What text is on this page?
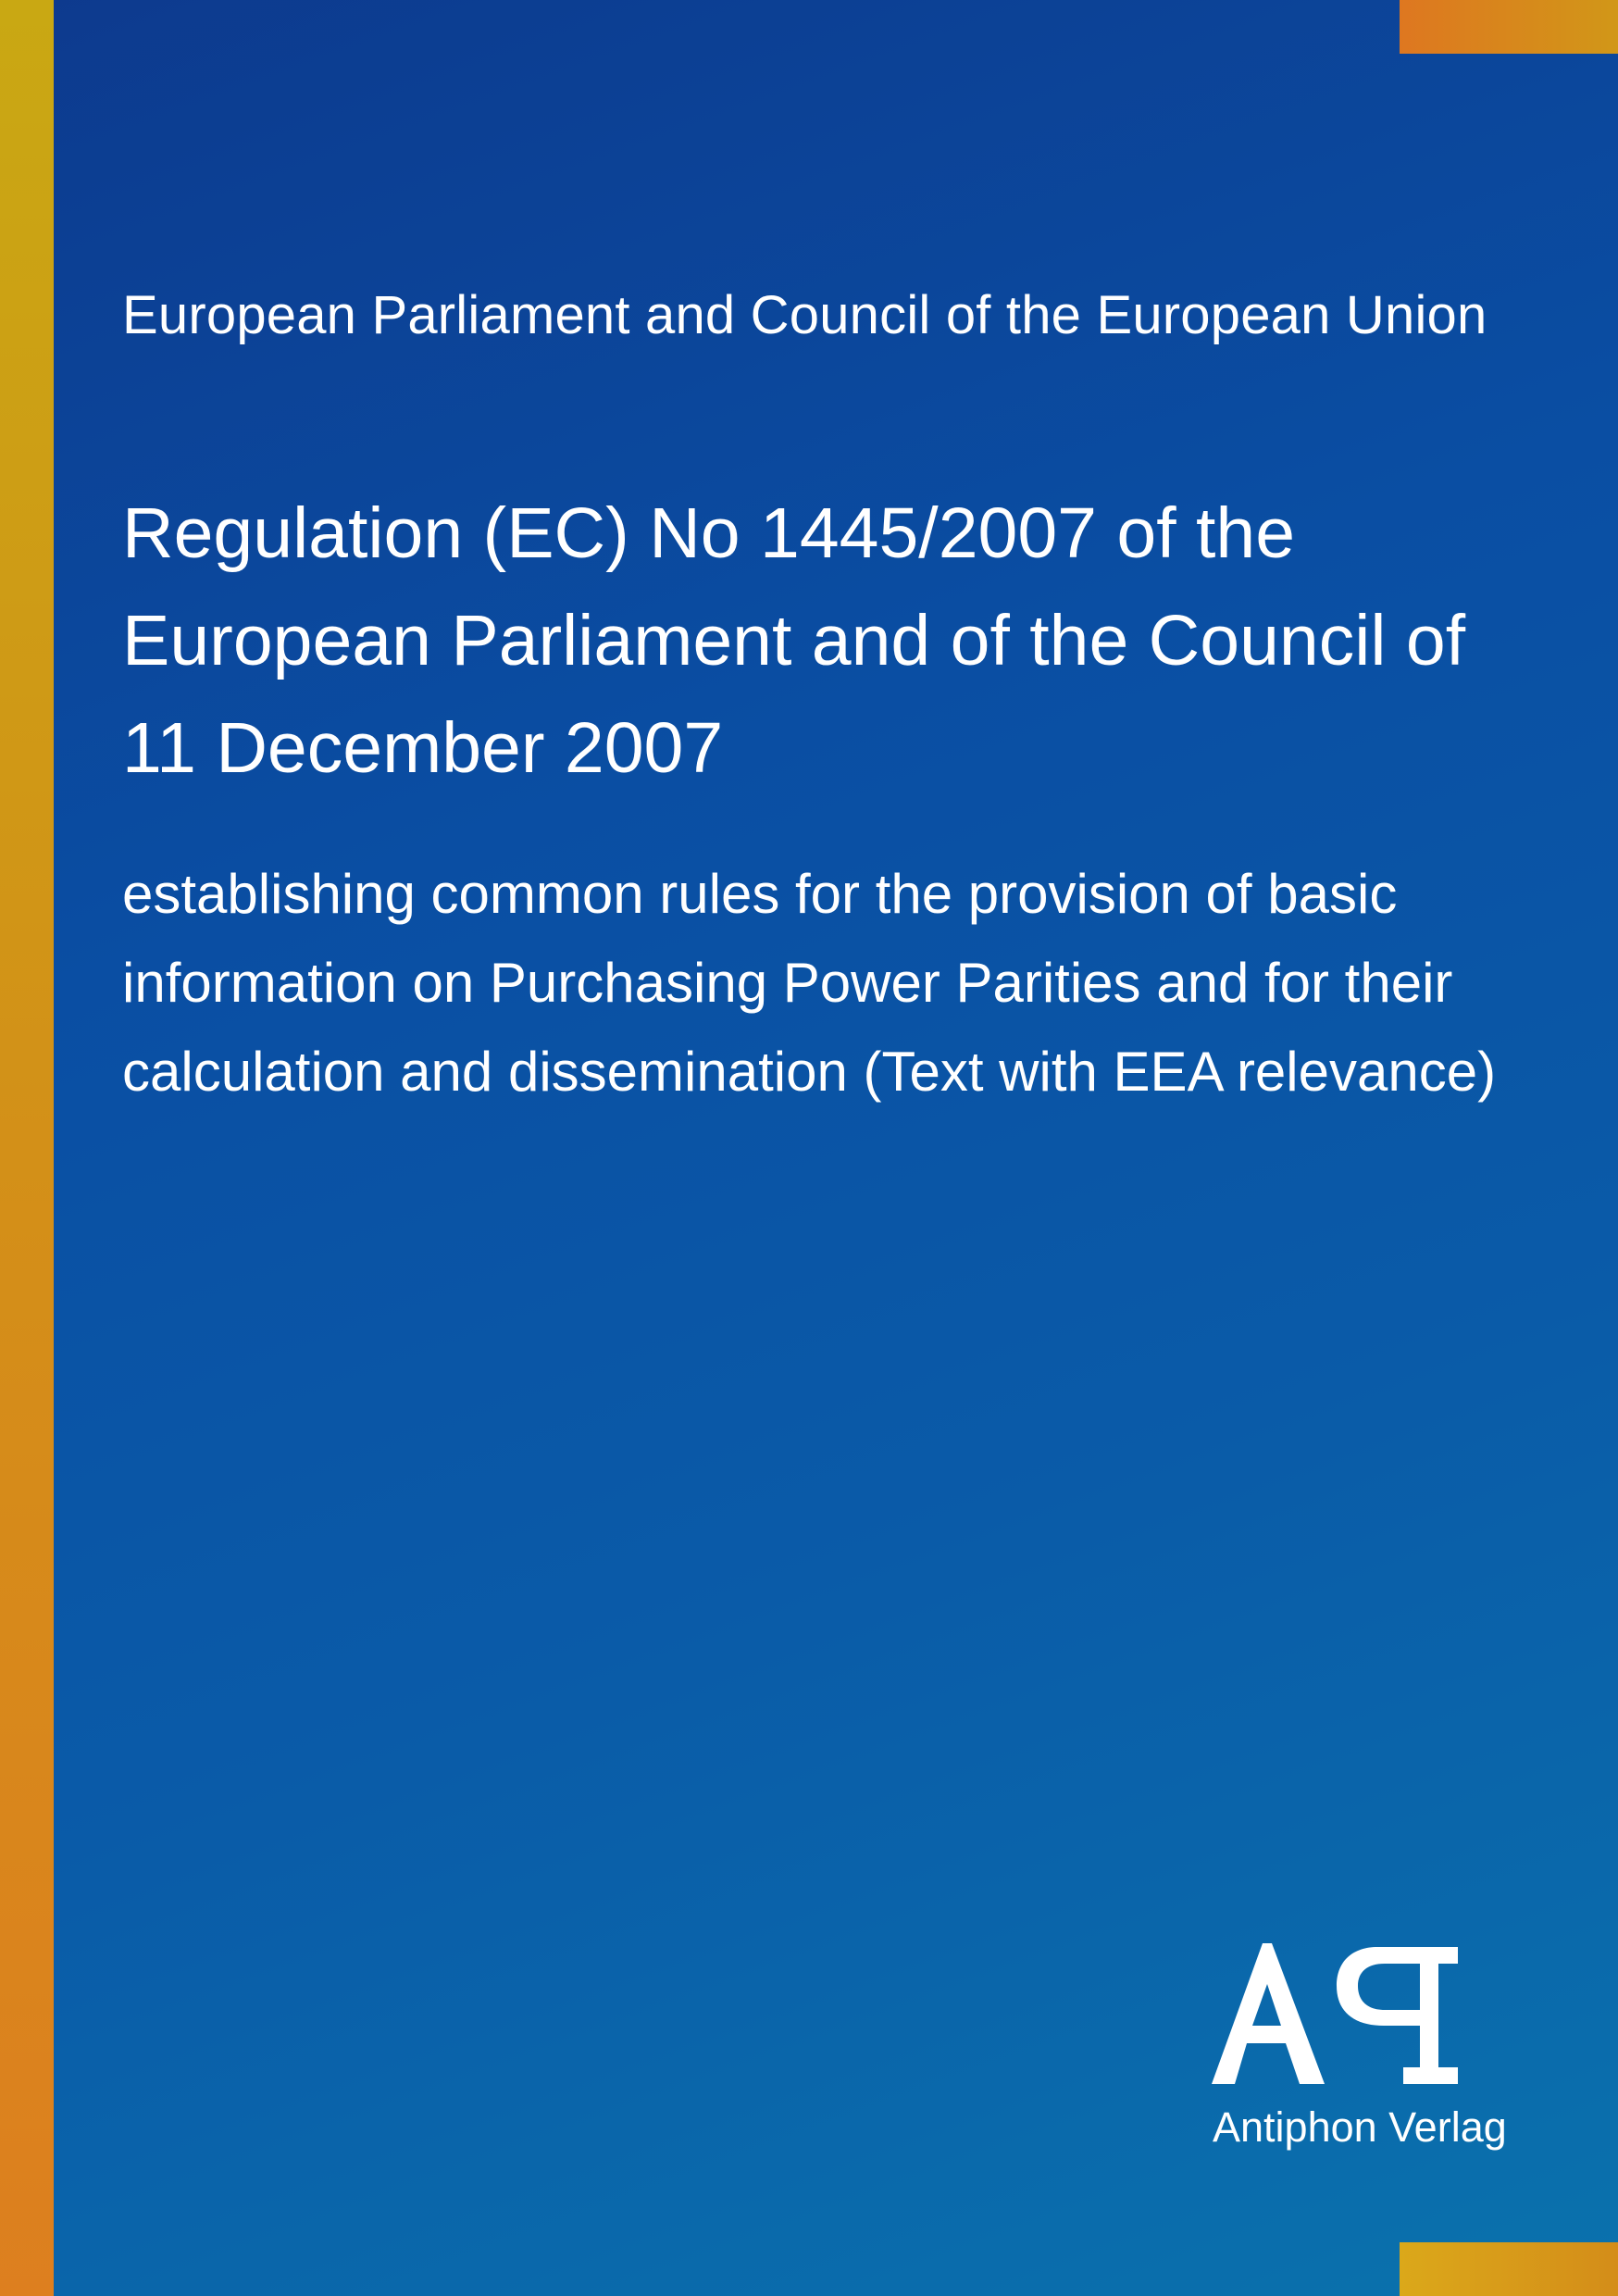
European Parliament and Council of the European Union
Regulation (EC) No 1445/2007 of the
European Parliament and of the Council of
11 December 2007

establishing common rules for the provision of basic
information on Purchasing Power Parities and for their
calculation and dissemination (Text with EEA relevance)

Antiphon Verlag
